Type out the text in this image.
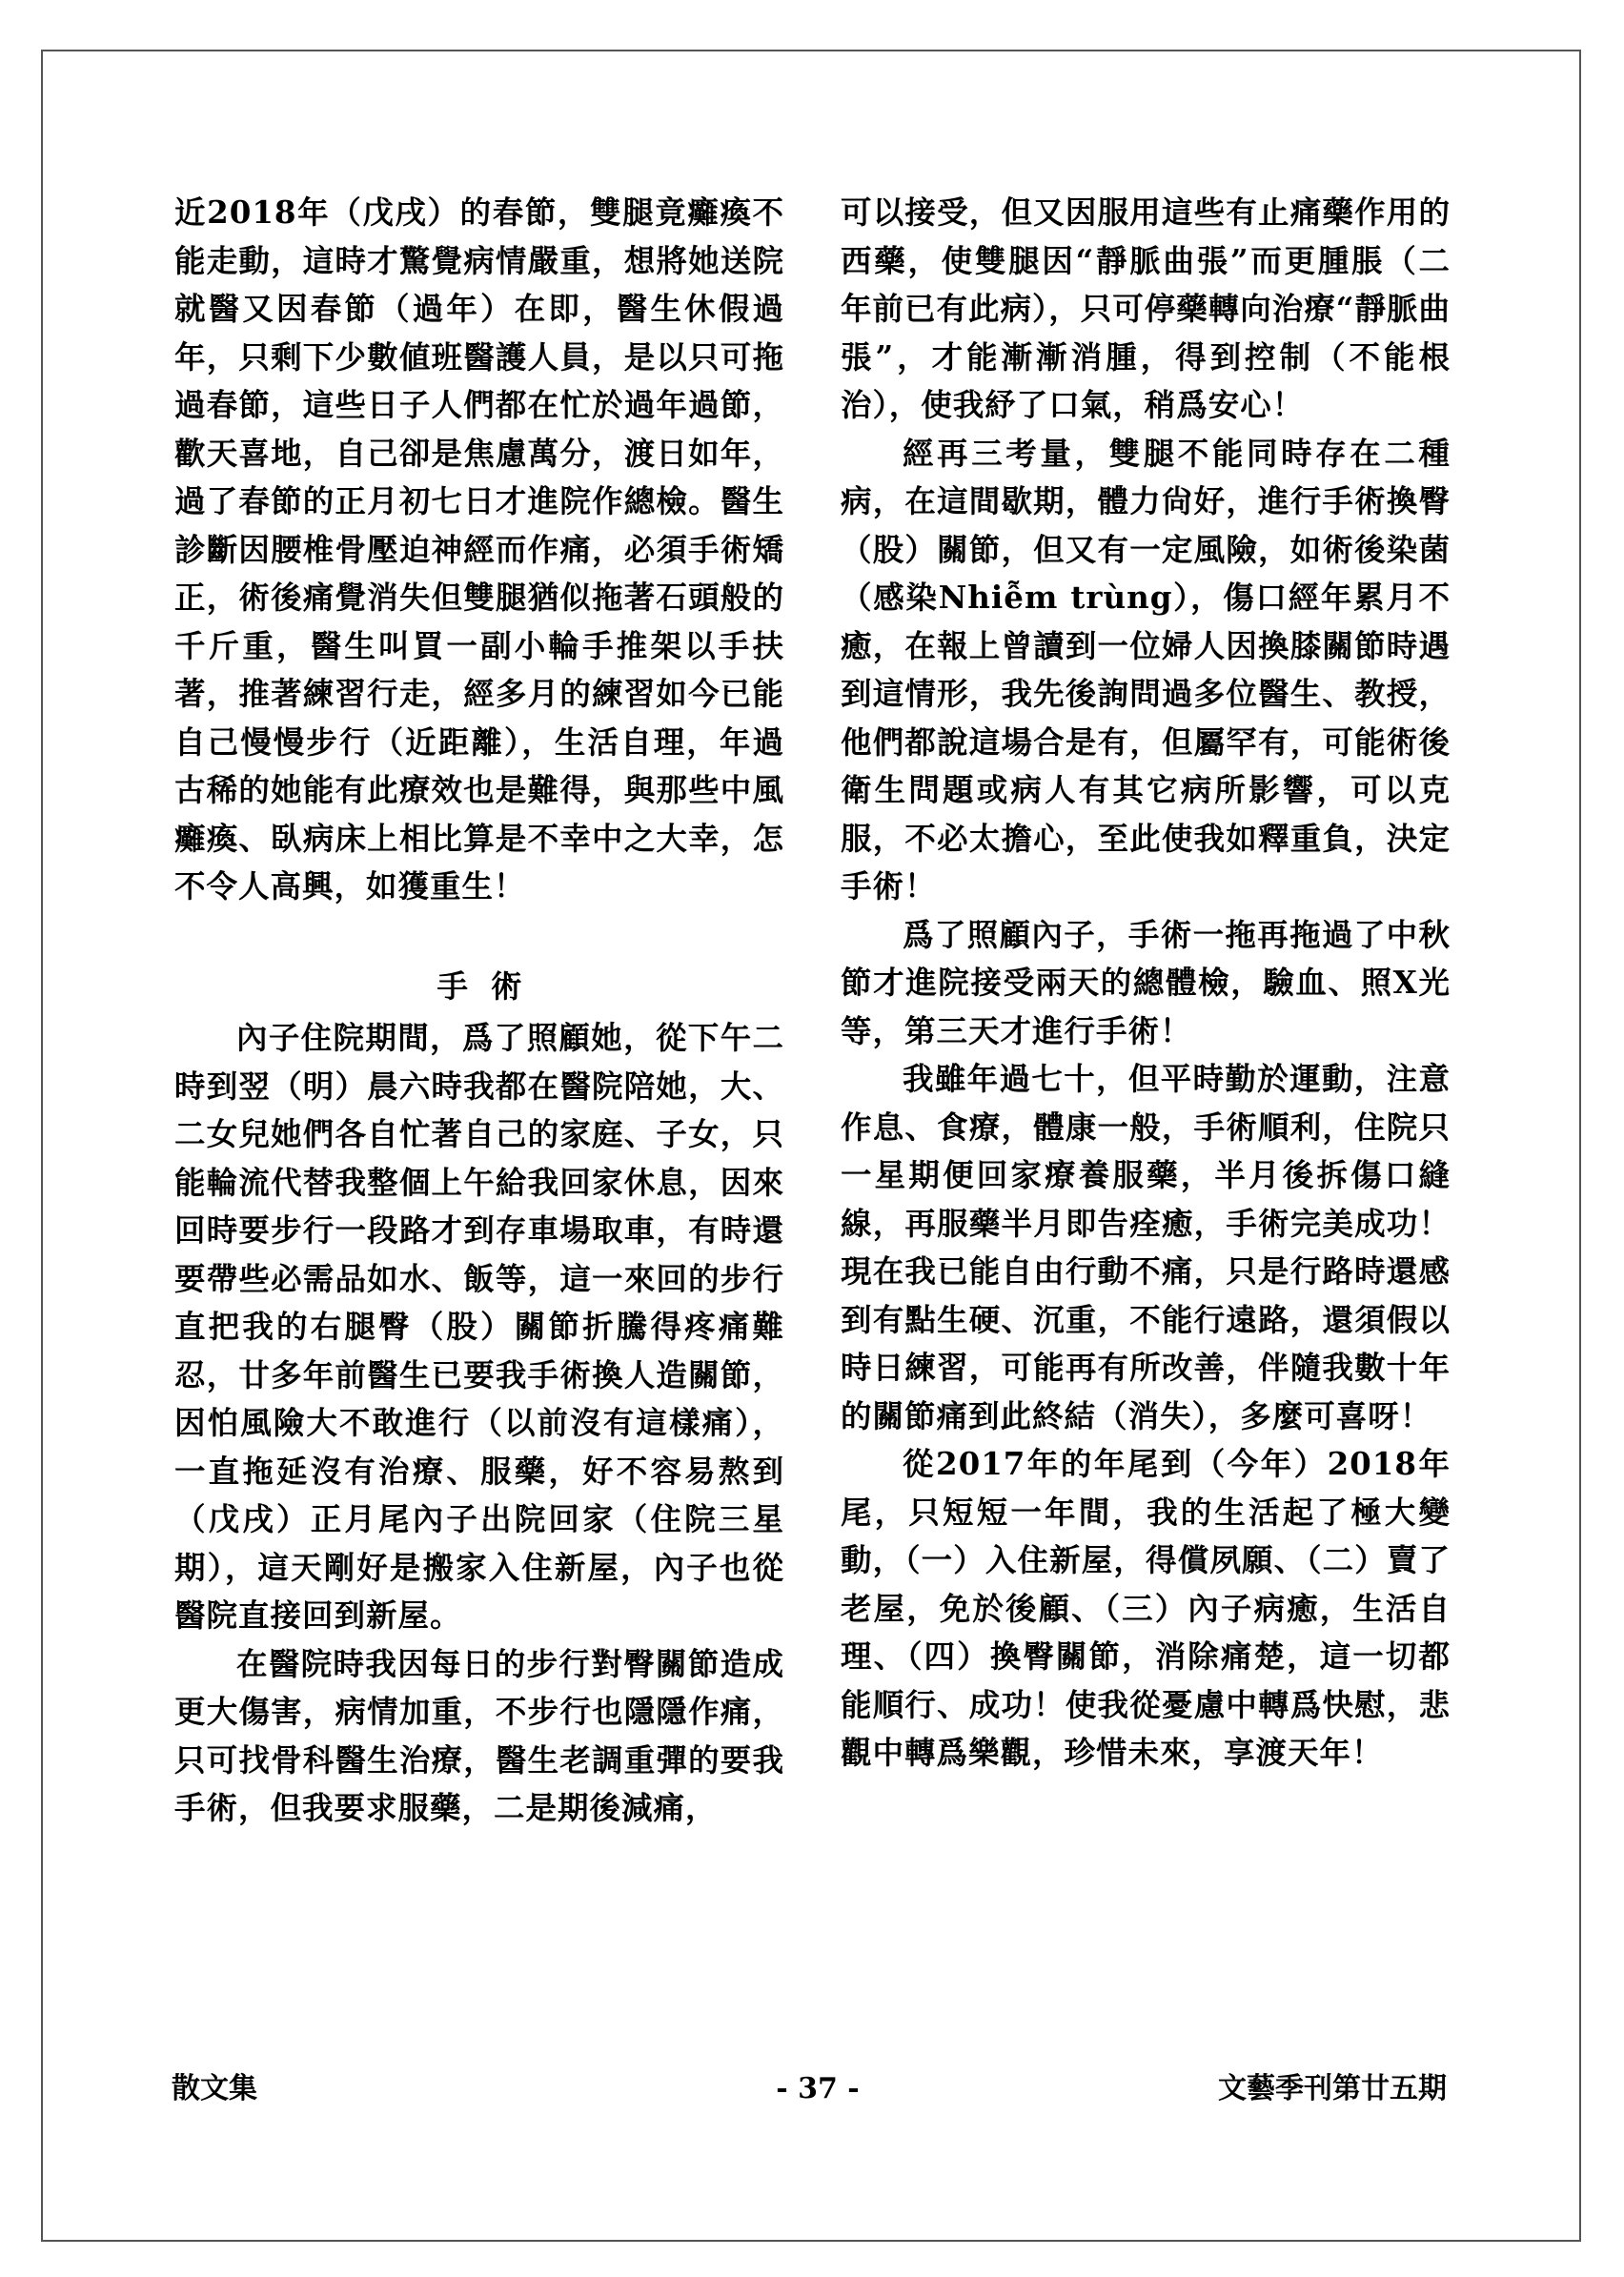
近2018年（戊戌）的春節，雙腿竟癱瘓不能走動，這時才驚覺病情嚴重，想將她送院就醫又因春節（過年）在即，醫生休假過年，只剩下少數値班醫護人員，是以只可拖過春節，這些日子人們都在忙於過年過節，歡天喜地，自己卻是焦慮萬分，渡日如年，過了春節的正月初七日才進院作總檢。醫生診斷因腰椎骨壓迫神經而作痛，必須手術矯正，術後痛覺消失但雙腿猶似拖著石頭般的千斤重，醫生叫買一副小輪手推架以手扶著，推著練習行走，經多月的練習如今已能自己慢慢步行（近距離），生活自理，年過古稀的她能有此療效也是難得，與那些中風癱瘓、臥病床上相比算是不幸中之大幸，怎不令人高興，如獲重生！

手術

內子住院期間，爲了照顧她，從下午二時到翌（明）晨六時我都在醫院陪她，大、二女兒她們各自忙著自己的家庭、子女，只能輪流代替我整個上午給我回家休息，因來回時要步行一段路才到存車場取車，有時還要帶些必需品如水、飯等，這一來回的步行直把我的右腿臀（股）關節折騰得疼痛難忍，廿多年前醫生已要我手術換人造關節，因怕風險大不敢進行（以前沒有這樣痛），一直拖延沒有治療、服藥，好不容易熬到（戊戌）正月尾內子出院回家（住院三星期），這天剛好是搬家入住新屋，內子也從醫院直接回到新屋。

在醫院時我因每日的步行對臀關節造成更大傷害，病情加重，不步行也隱隱作痛，只可找骨科醫生治療，醫生老調重彈的要我手術，但我要求服藥，二是期後減痛，

可以接受，但又因服用這些有止痛藥作用的西藥，使雙腿因“靜脈曲張”而更腫脹（二年前已有此病），只可停藥轉向治療“靜脈曲張”，才能漸漸消腫，得到控制（不能根治），使我紓了口氣，稍爲安心！

經再三考量，雙腿不能同時存在二種病，在這間歇期，體力尙好，進行手術換臀（股）關節，但又有一定風險，如術後染菌（感染Nhiễm trùng），傷口經年累月不癒，在報上曾讀到一位婦人因換膝關節時遇到這情形，我先後詢問過多位醫生、教授，他們都說這場合是有，但屬罕有，可能術後衛生問題或病人有其它病所影響，可以克服，不必太擔心，至此使我如釋重負，決定手術！

爲了照顧內子，手術一拖再拖過了中秋節才進院接受兩天的總體檢，驗血、照X光等，第三天才進行手術！

我雖年過七十，但平時勤於運動，注意作息、食療，體康一般，手術順利，住院只一星期便回家療養服藥，半月後拆傷口縫線，再服藥半月即告痊癒，手術完美成功！現在我已能自由行動不痛，只是行路時還感到有點生硬、沉重，不能行遠路，還須假以時日練習，可能再有所改善，伴隨我數十年的關節痛到此終結（消失），多麼可喜呀！

從2017年的年尾到（今年）2018年尾，只短短一年間，我的生活起了極大變動，（一）入住新屋，得償夙願、（二）賣了老屋，免於後顧、（三）內子病癒，生活自理、（四）換臀關節，消除痛楚，這一切都能順行、成功！使我從憂慮中轉爲快慰，悲觀中轉爲樂觀，珍惜未來，享渡天年！

散文集	- 37 -	文藝季刊第廿五期
